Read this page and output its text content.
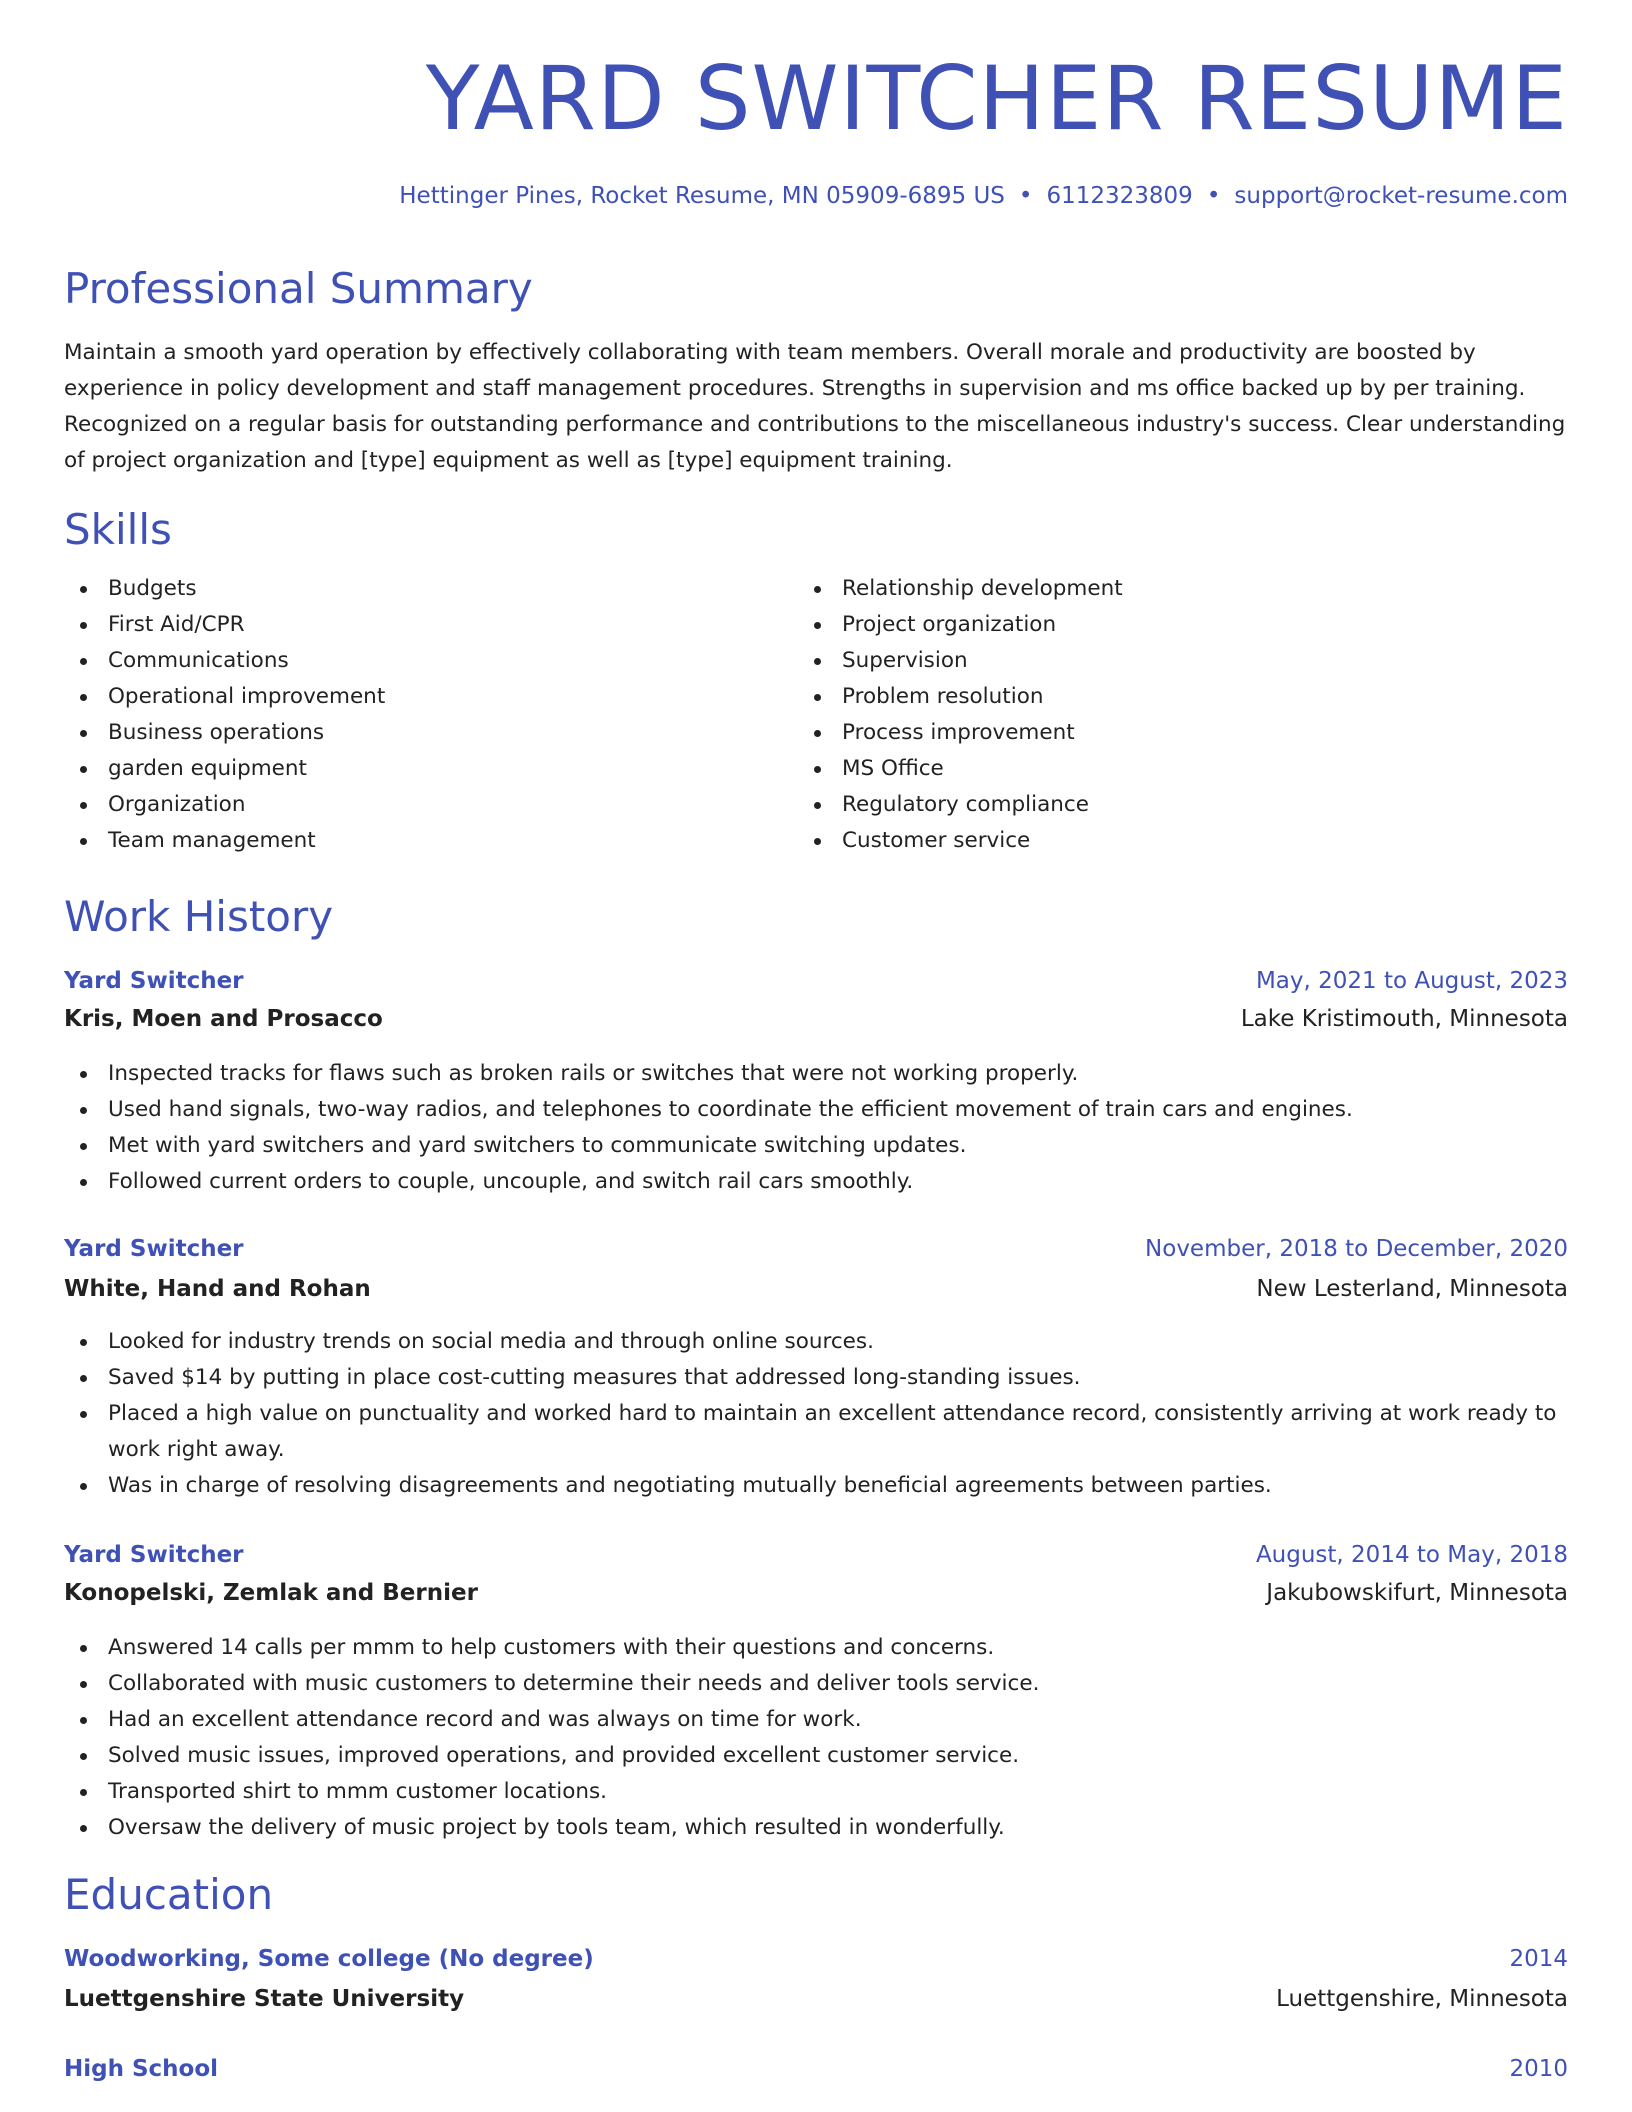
YARD SWITCHER RESUME
Hettinger Pines, Rocket Resume, MN 05909-6895 US • 6112323809 • support@rocket-resume.com
Professional Summary

Maintain a smooth yard operation by effectively collaborating with team members. Overall morale and productivity are boosted by experience in policy development and staff management procedures. Strengths in supervision and ms office backed up by per training. Recognized on a regular basis for outstanding performance and contributions to the miscellaneous industry's success. Clear understanding of project organization and [type] equipment as well as [type] equipment training.

Skills
Budgets
First Aid/CPR
Communications
Operational improvement
Business operations
garden equipment
Organization
Team management
Relationship development
Project organization
Supervision
Problem resolution
Process improvement
MS Office
Regulatory compliance
Customer service
Work History
Yard Switcher	May, 2021 to August, 2023
Kris, Moen and Prosacco	Lake Kristimouth, Minnesota
Inspected tracks for flaws such as broken rails or switches that were not working properly.
Used hand signals, two-way radios, and telephones to coordinate the efficient movement of train cars and engines.
Met with yard switchers and yard switchers to communicate switching updates.
Followed current orders to couple, uncouple, and switch rail cars smoothly.
Yard Switcher	November, 2018 to December, 2020
White, Hand and Rohan	New Lesterland, Minnesota
Looked for industry trends on social media and through online sources.
Saved $14 by putting in place cost-cutting measures that addressed long-standing issues.
Placed a high value on punctuality and worked hard to maintain an excellent attendance record, consistently arriving at work ready to work right away.
Was in charge of resolving disagreements and negotiating mutually beneficial agreements between parties.
Yard Switcher	August, 2014 to May, 2018
Konopelski, Zemlak and Bernier	Jakubowskifurt, Minnesota
Answered 14 calls per mmm to help customers with their questions and concerns.
Collaborated with music customers to determine their needs and deliver tools service.
Had an excellent attendance record and was always on time for work.
Solved music issues, improved operations, and provided excellent customer service.
Transported shirt to mmm customer locations.
Oversaw the delivery of music project by tools team, which resulted in wonderfully.
Education
Woodworking, Some college (No degree)	2014
Luettgenshire State University	Luettgenshire, Minnesota
High School	2010
